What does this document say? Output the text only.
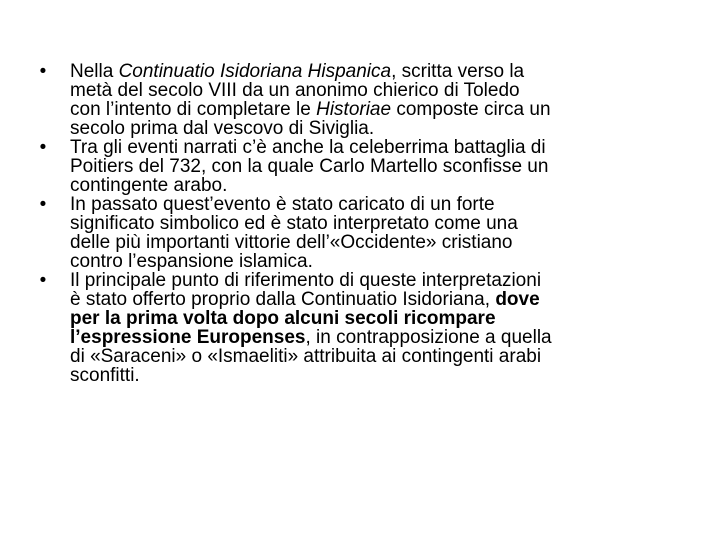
• Nella Continuatio Isidoriana Hispanica, scritta verso la
metà del secolo VIII da un anonimo chierico di Toledo
con l’intento di completare le Historiae composte circa un
secolo prima dal vescovo di Siviglia.
• Tra gli eventi narrati c’è anche la celeberrima battaglia di
Poitiers del 732, con la quale Carlo Martello sconfisse un
contingente arabo.
• In passato quest’evento è stato caricato di un forte
significato simbolico ed è stato interpretato come una
delle più importanti vittorie dell’«Occidente» cristiano
contro l’espansione islamica.
• Il principale punto di riferimento di queste interpretazioni
è stato offerto proprio dalla Continuatio Isidoriana, dove
per la prima volta dopo alcuni secoli ricompare
l’espressione Europenses, in contrapposizione a quella
di «Saraceni» o «Ismaeliti» attribuita ai contingenti arabi
sconfitti.
